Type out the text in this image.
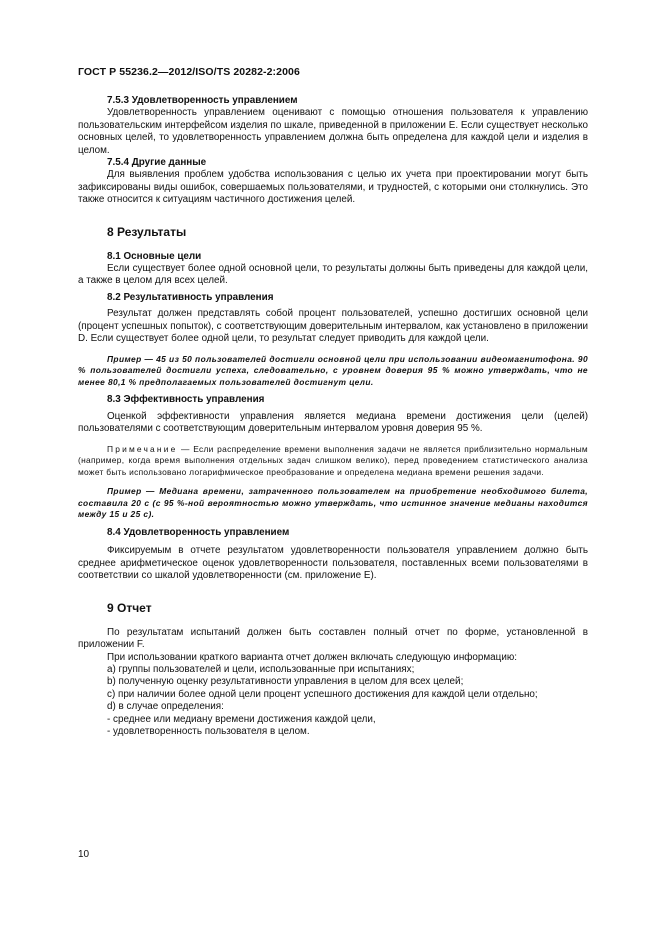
ГОСТ Р 55236.2—2012/ISO/TS 20282-2:2006

7.5.3 Удовлетворенность управлением

Удовлетворенность управлением оценивают с помощью отношения пользователя к управлению пользовательским интерфейсом изделия по шкале, приведенной в приложении Е. Если существует несколько основных целей, то удовлетворенность управлением должна быть определена для каждой цели и изделия в целом.

7.5.4 Другие данные

Для выявления проблем удобства использования с целью их учета при проектировании могут быть зафиксированы виды ошибок, совершаемых пользователями, и трудностей, с которыми они столкнулись. Это также относится к ситуациям частичного достижения целей.

8 Результаты

8.1 Основные цели

Если существует более одной основной цели, то результаты должны быть приведены для каждой цели, а также в целом для всех целей.

8.2 Результативность управления

Результат должен представлять собой процент пользователей, успешно достигших основной цели (процент успешных попыток), с соответствующим доверительным интервалом, как установлено в приложении D. Если существует более одной цели, то результат следует приводить для каждой цели.

Пример — 45 из 50 пользователей достигли основной цели при использовании видеомагнитофона. 90 % пользователей достигли успеха, следовательно, с уровнем доверия 95 % можно утверждать, что не менее 80,1 % предполагаемых пользователей достигнут цели.

8.3 Эффективность управления

Оценкой эффективности управления является медиана времени достижения цели (целей) пользователями с соответствующим доверительным интервалом уровня доверия 95 %.

Примечание — Если распределение времени выполнения задачи не является приблизительно нормальным (например, когда время выполнения отдельных задач слишком велико), перед проведением статистического анализа может быть использовано логарифмическое преобразование и определена медиана времени решения задачи.

Пример — Медиана времени, затраченного пользователем на приобретение необходимого билета, составила 20 с (с 95 %-ной вероятностью можно утверждать, что истинное значение медианы находится между 15 и 25 с).

8.4 Удовлетворенность управлением

Фиксируемым в отчете результатом удовлетворенности пользователя управлением должно быть среднее арифметическое оценок удовлетворенности пользователя, поставленных всеми пользователями в соответствии со шкалой удовлетворенности (см. приложение Е).

9 Отчет

По результатам испытаний должен быть составлен полный отчет по форме, установленной в приложении F.

При использовании краткого варианта отчет должен включать следующую информацию:

a) группы пользователей и цели, использованные при испытаниях;

b) полученную оценку результативности управления в целом для всех целей;

c) при наличии более одной цели процент успешного достижения для каждой цели отдельно;

d) в случае определения:

- среднее или медиану времени достижения каждой цели,

- удовлетворенность пользователя в целом.

10
